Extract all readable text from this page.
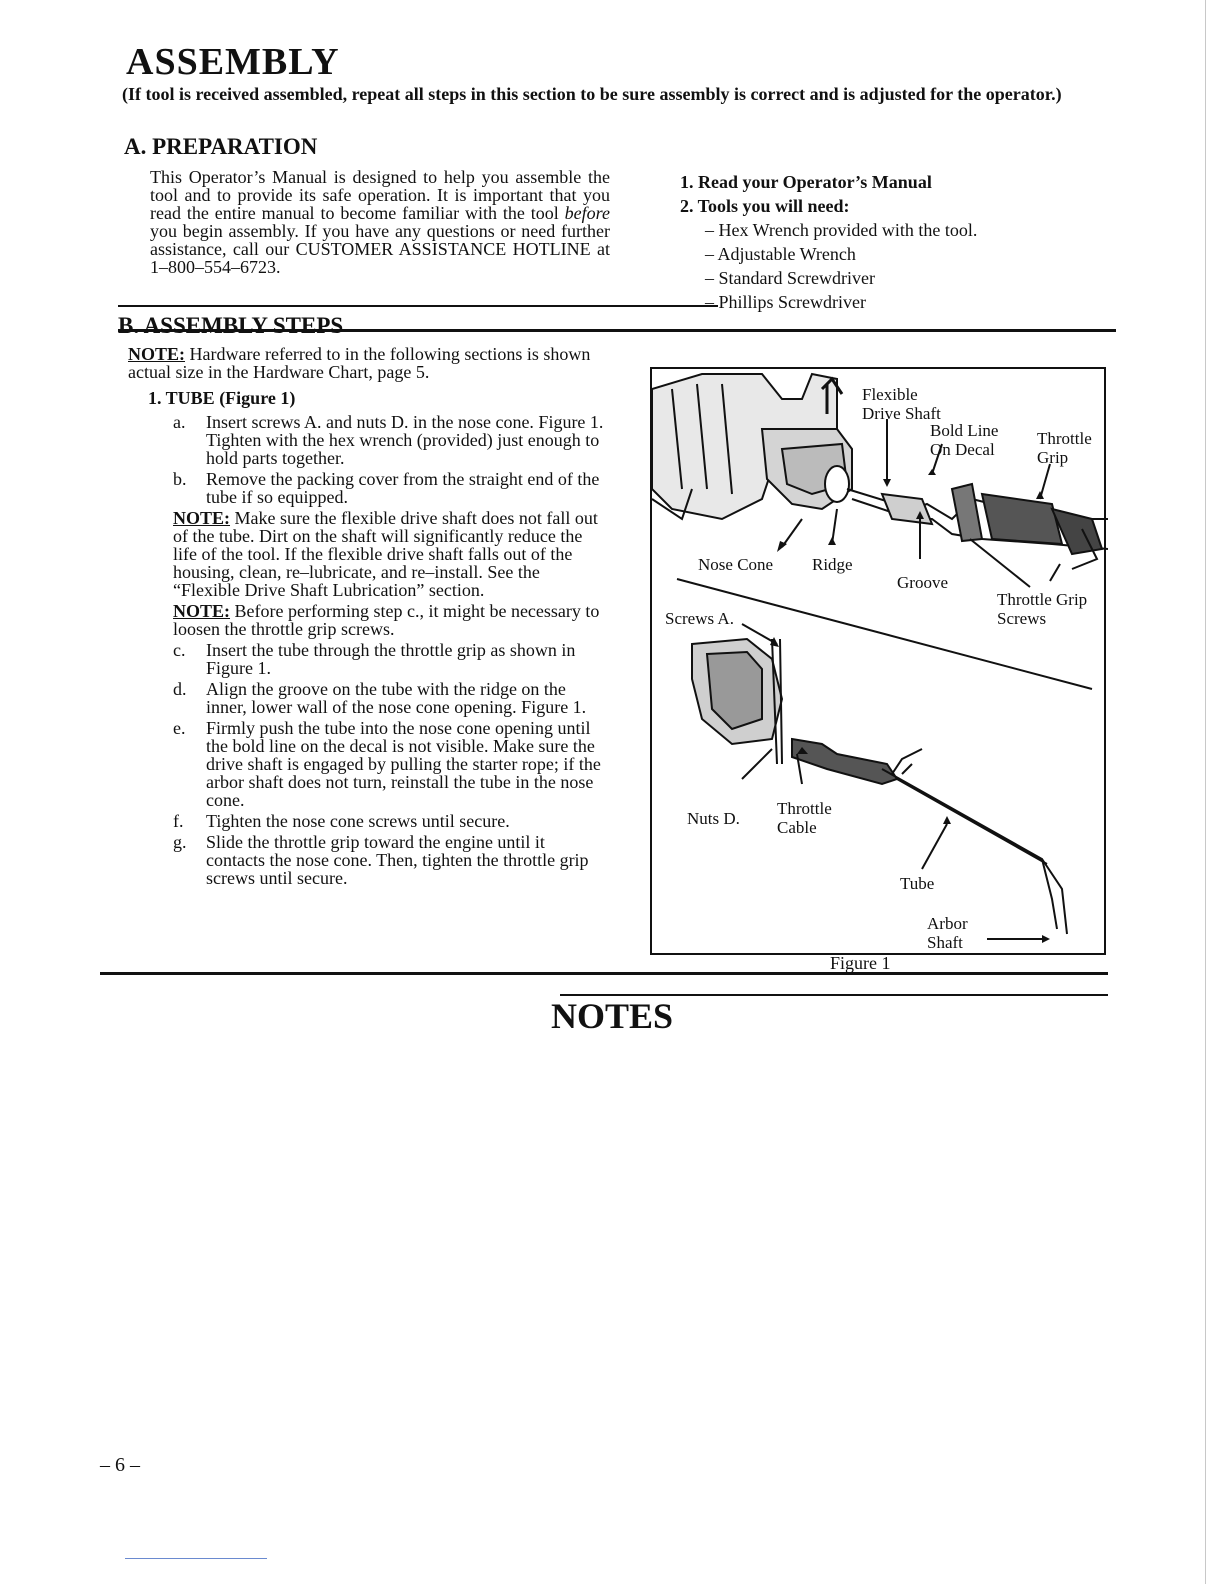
ASSEMBLY

(If tool is received assembled, repeat all steps in this section to be sure assembly is correct and is adjusted for the operator.)

A. PREPARATION

This Operator’s Manual is designed to help you assemble the tool and to provide its safe operation. It is important that you read the entire manual to become familiar with the tool before you begin assembly. If you have any questions or need further assistance, call our CUSTOMER ASSISTANCE HOTLINE at 1–800–554–6723.

1. Read your Operator’s Manual
2. Tools you will need:
– Hex Wrench provided with the tool.
– Adjustable Wrench
– Standard Screwdriver
– Phillips Screwdriver
B. ASSEMBLY STEPS

NOTE: Hardware referred to in the following sections is shown actual size in the Hardware Chart, page 5.

1. TUBE (Figure 1)

a. Insert screws A. and nuts D. in the nose cone. Figure 1. Tighten with the hex wrench (provided) just enough to hold parts together.

b. Remove the packing cover from the straight end of the tube if so equipped.

NOTE: Make sure the flexible drive shaft does not fall out of the tube. Dirt on the shaft will significantly reduce the life of the tool. If the flexible drive shaft falls out of the housing, clean, re–lubricate, and re–install. See the “Flexible Drive Shaft Lubrication” section.

NOTE: Before performing step c., it might be necessary to loosen the throttle grip screws.

c. Insert the tube through the throttle grip as shown in Figure 1.

d. Align the groove on the tube with the ridge on the inner, lower wall of the nose cone opening. Figure 1.

e. Firmly push the tube into the nose cone opening until the bold line on the decal is not visible. Make sure the drive shaft is engaged by pulling the starter rope; if the arbor shaft does not turn, reinstall the tube in the nose cone.

f. Tighten the nose cone screws until secure.

g. Slide the throttle grip toward the engine until it contacts the nose cone. Then, tighten the throttle grip screws until secure.

Flexible Drive Shaft
Bold Line On Decal
Throttle Grip
Nose Cone Ridge
Groove
Throttle Grip Screws
Screws A.
Nuts D.
Throttle Cable
Tube
Arbor Shaft
Figure 1
NOTES
– 6 –
